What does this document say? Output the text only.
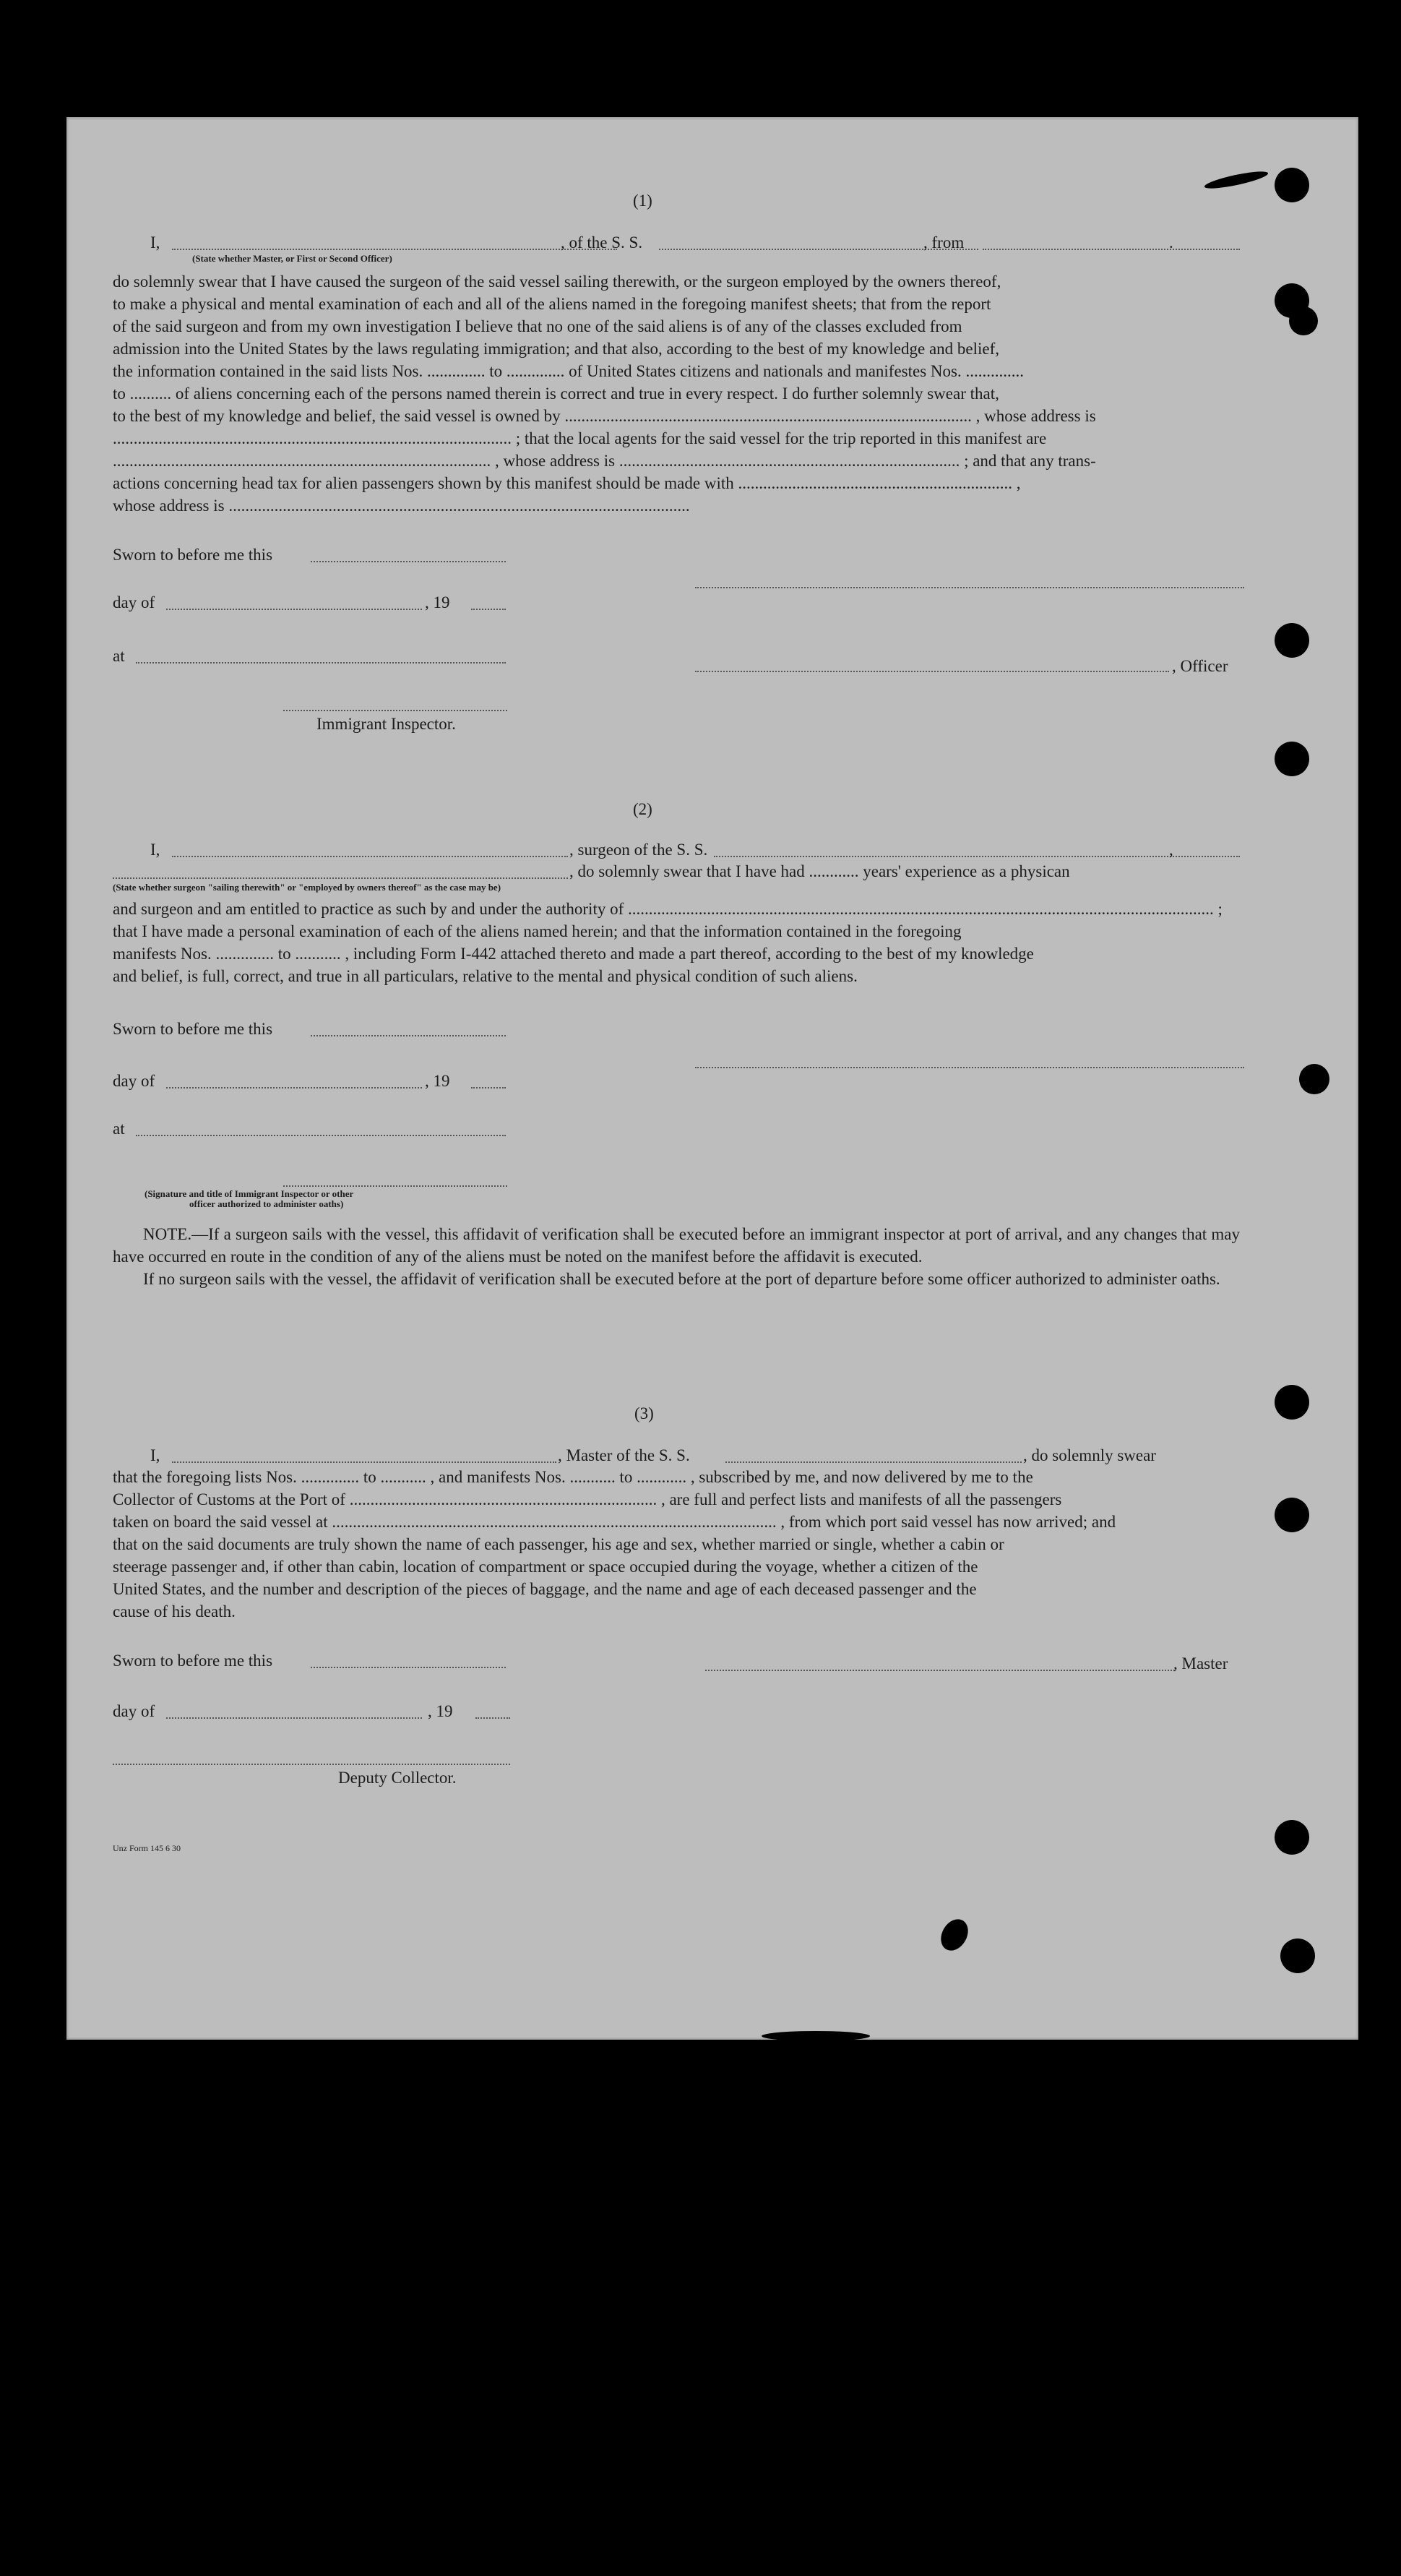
(1)
I,	, of the S. S.	, from	.
(State whether Master, or First or Second Officer)
do solemnly swear that I have caused the surgeon of the said vessel sailing therewith, or the surgeon employed by the owners thereof,
to make a physical and mental examination of each and all of the aliens named in the foregoing manifest sheets; that from the report
of the said surgeon and from my own investigation I believe that no one of the said aliens is of any of the classes excluded from
admission into the United States by the laws regulating immigration; and that also, according to the best of my knowledge and belief,
the information contained in the said lists Nos. .............. to .............. of United States citizens and nationals and manifestes Nos. ..............
to .......... of aliens concerning each of the persons named therein is correct and true in every respect. I do further solemnly swear that,
to the best of my knowledge and belief, the said vessel is owned by .................................................................................................. , whose address is
................................................................................................ ; that the local agents for the said vessel for the trip reported in this manifest are
........................................................................................... , whose address is .................................................................................. ; and that any trans-
actions concerning head tax for alien passengers shown by this manifest should be made with .................................................................. ,
whose address is ...............................................................................................................
Sworn to before me this
day of	, 19
at
, Officer
Immigrant Inspector.
(2)
I,	, surgeon of the S. S.	,
, do solemnly swear that I have had ............ years' experience as a physican
(State whether surgeon "sailing therewith" or "employed by owners thereof" as the case may be)
and surgeon and am entitled to practice as such by and under the authority of ............................................................................................................................................. ;
that I have made a personal examination of each of the aliens named herein; and that the information contained in the foregoing
manifests Nos. .............. to ........... , including Form I-442 attached thereto and made a part thereof, according to the best of my knowledge
and belief, is full, correct, and true in all particulars, relative to the mental and physical condition of such aliens.
Sworn to before me this
day of	, 19
at
(Signature and title of Immigrant Inspector or other
officer authorized to administer oaths)

NOTE.—If a surgeon sails with the vessel, this affidavit of verification shall be executed before an immigrant inspector at port of arrival, and any changes that may have occurred en route in the condition of any of the aliens must be noted on the manifest before the affidavit is executed.

If no surgeon sails with the vessel, the affidavit of verification shall be executed before at the port of departure before some officer authorized to administer oaths.

(3)
I,	, Master of the S. S.	, do solemnly swear
that the foregoing lists Nos. .............. to ........... , and manifests Nos. ........... to ............ , subscribed by me, and now delivered by me to the
Collector of Customs at the Port of .......................................................................... , are full and perfect lists and manifests of all the passengers
taken on board the said vessel at ........................................................................................................... , from which port said vessel has now arrived; and
that on the said documents are truly shown the name of each passenger, his age and sex, whether married or single, whether a cabin or
steerage passenger and, if other than cabin, location of compartment or space occupied during the voyage, whether a citizen of the
United States, and the number and description of the pieces of baggage, and the name and age of each deceased passenger and the
cause of his death.
Sworn to before me this	, Master
day of	, 19
Deputy Collector.
Unz Form 145 6 30
